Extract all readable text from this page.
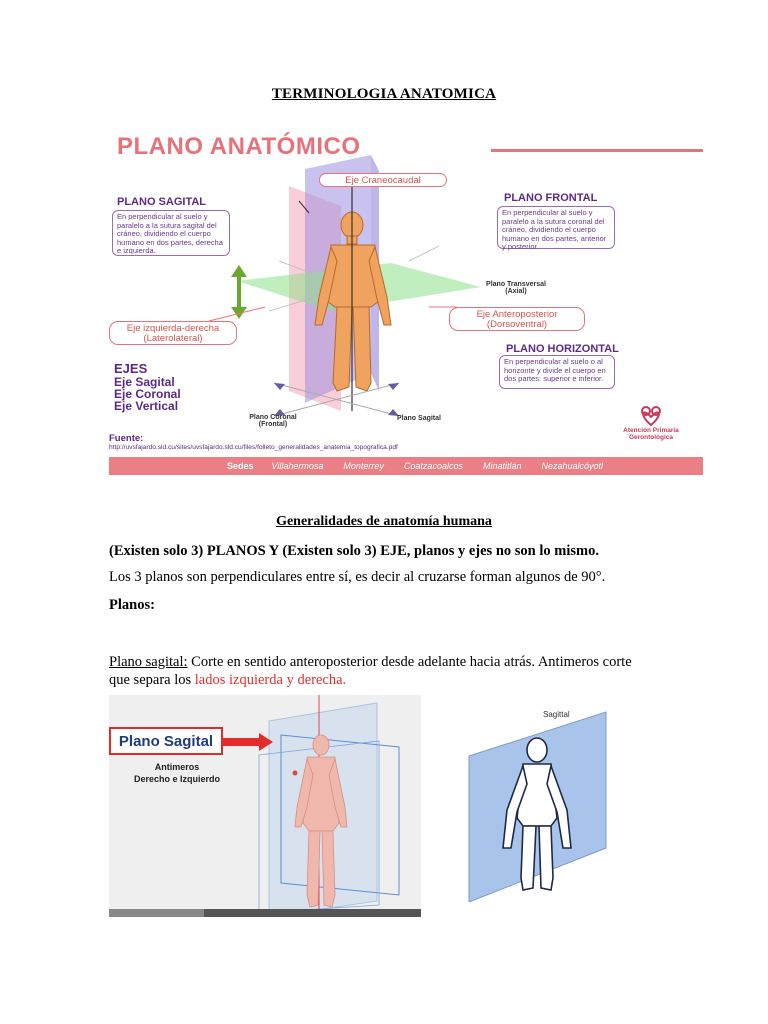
TERMINOLOGIA ANATOMICA
PLANO ANATÓMICO
Eje Craneocaudal
PLANO SAGITAL
En perpendicular al suelo y paralelo a la sutura sagital del cráneo, dividiendo el cuerpo humano en dos partes, derecha e izquierda.
PLANO FRONTAL
En perpendicular al suelo y paralelo a la sutura coronal del cráneo, dividiendo el cuerpo humano en dos partes, anterior y posterior.
Plano Transversal (Axial)
Eje Anteroposterior
(Dorsoventral)
Eje izquierda-derecha
(Laterolateral)
PLANO HORIZONTAL
En perpendicular al suelo o al horizonte y divide el cuerpo en dos partes: superior e inferior.
EJES
Eje Sagital
Eje Coronal
Eje Vertical
Plano Coronal (Frontal)
Plano Sagital
Atención Primaria
Gerontológica
Fuente:
http://uvsfajardo.sld.cu/sites/uvsfajardo.sld.cu/files/folleto_generalidades_anatemia_topografica.pdf
Sedes Villahermosa Monterrey Coatzacoalcos Minatitlán Nezahualcóyotl
Generalidades de anatomía humana
(Existen solo 3) PLANOS Y (Existen solo 3) EJE, planos y ejes no son lo mismo.
Los 3 planos son perpendiculares entre sí, es decir al cruzarse forman algunos de 90°.
Planos:
Plano sagital: Corte en sentido anteroposterior desde adelante hacia atrás. Antimeros corte que separa los lados izquierda y derecha.
Plano Sagital
Antimeros
Derecho e Izquierdo
Sagittal
